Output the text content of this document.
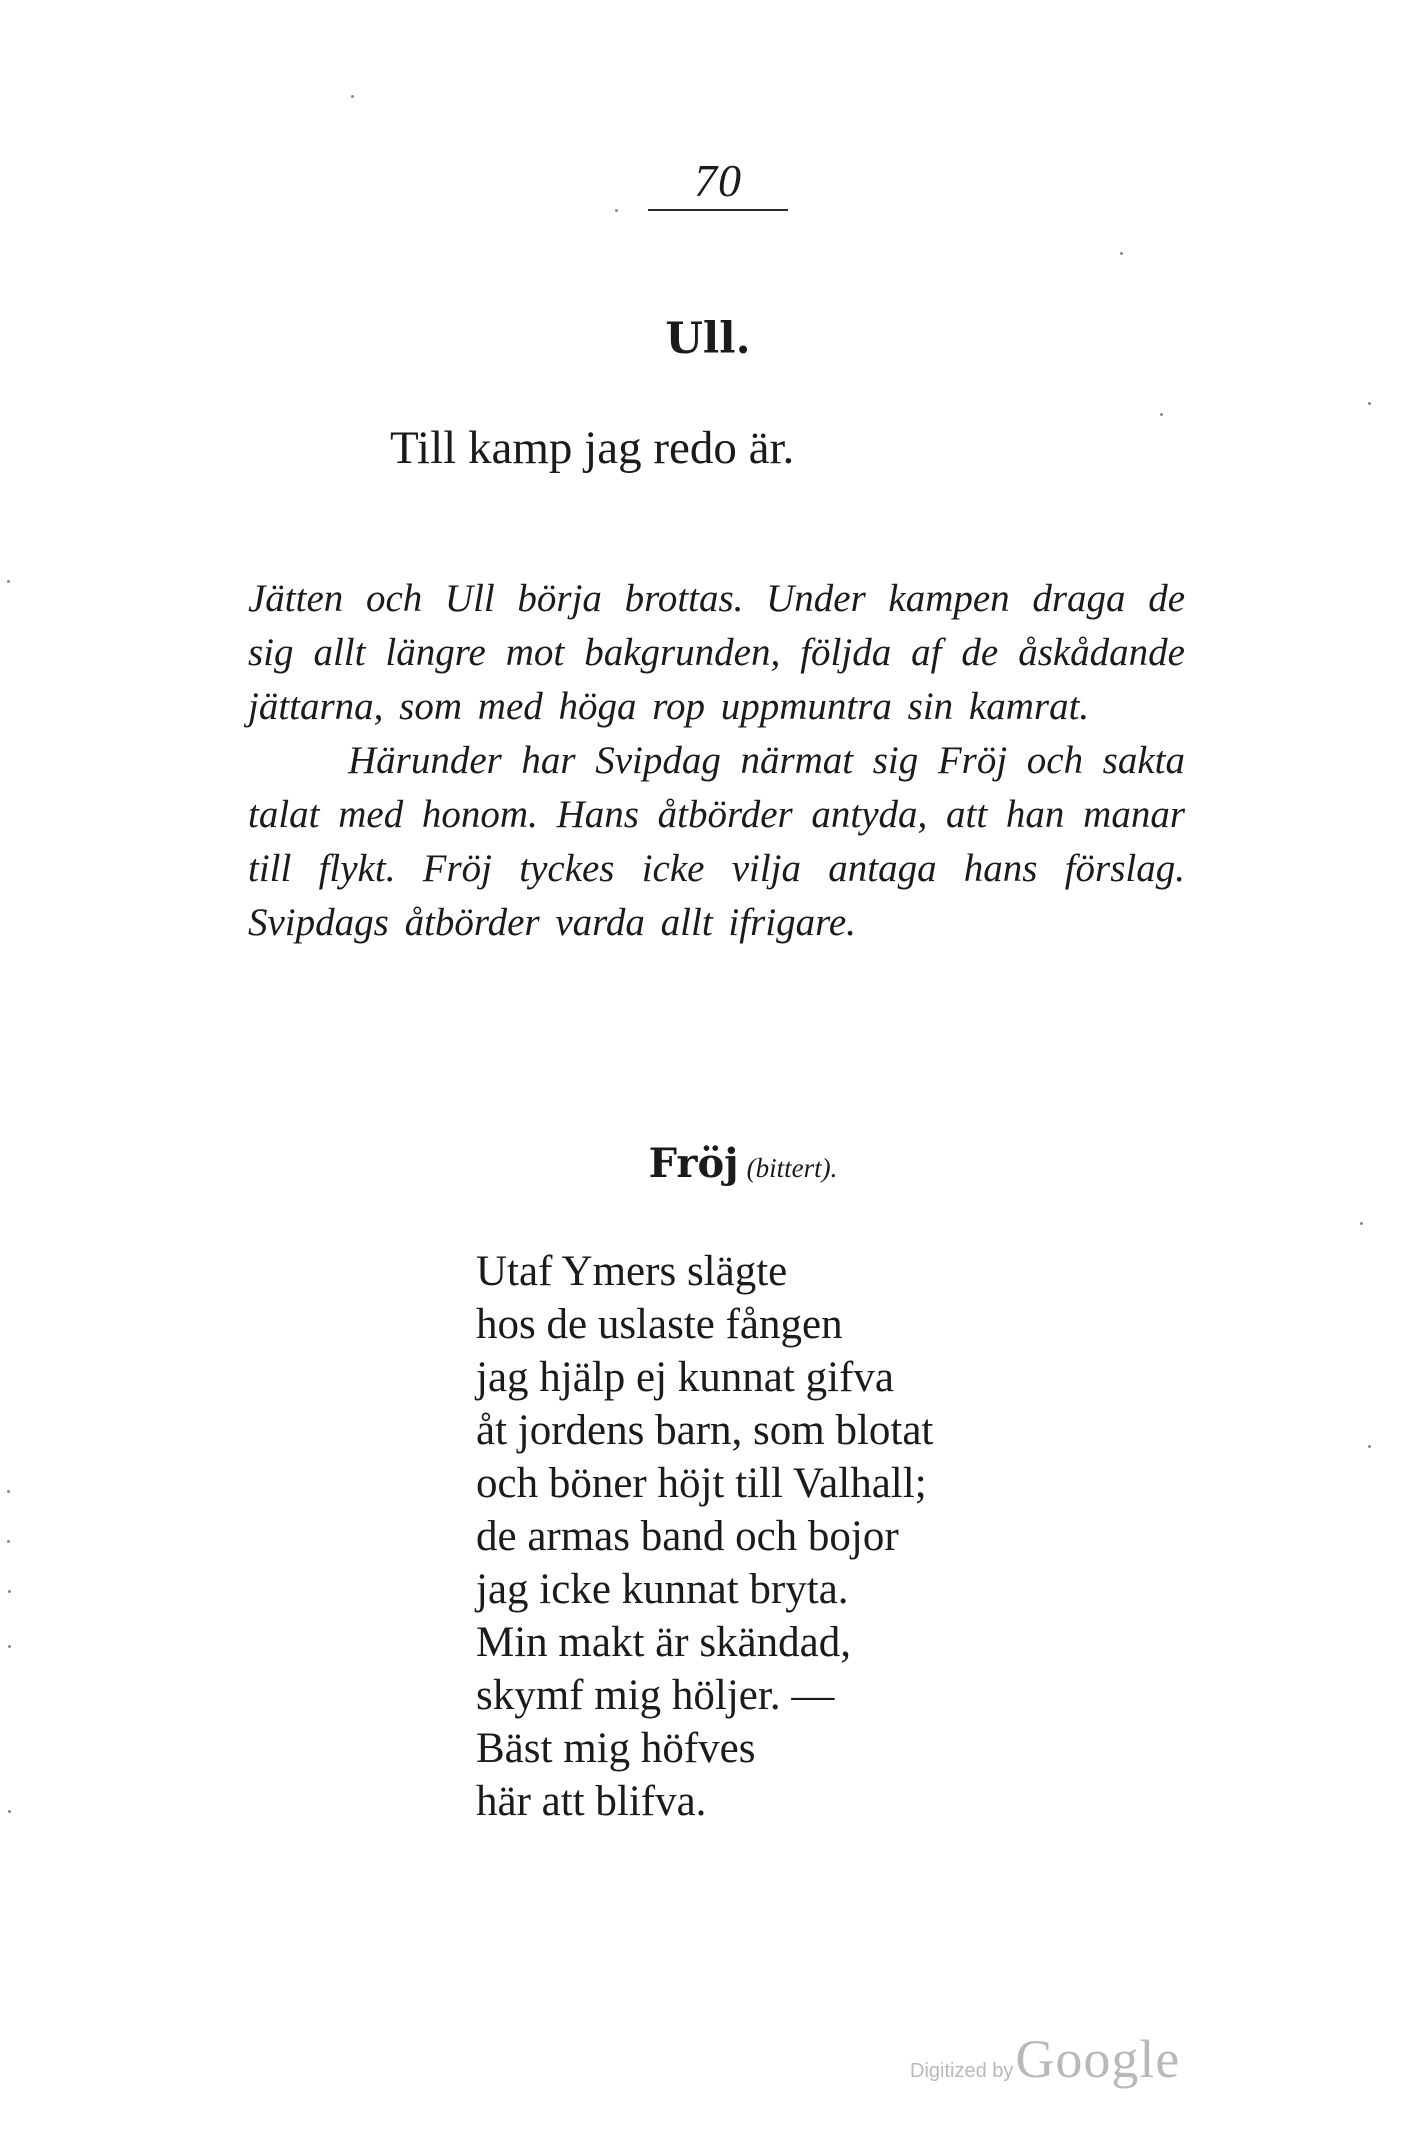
70
Ull.
Till kamp jag redo är.

Jätten och Ull börja brottas. Under kampen draga de sig allt längre mot bakgrunden, följda af de åskådande jättarna, som med höga rop uppmuntra sin kamrat.

Härunder har Svipdag närmat sig Fröj och sakta talat med honom. Hans åtbörder antyda, att han manar till flykt. Fröj tyckes icke vilja antaga hans förslag. Svipdags åtbörder varda allt ifrigare.

Fröj (bittert).
Utaf Ymers slägte
hos de uslaste fången
jag hjälp ej kunnat gifva
åt jordens barn, som blotat
och böner höjt till Valhall;
de armas band och bojor
jag icke kunnat bryta.
Min makt är skändad,
skymf mig höljer. —
Bäst mig höfves
här att blifva.
Digitized byGoogle
